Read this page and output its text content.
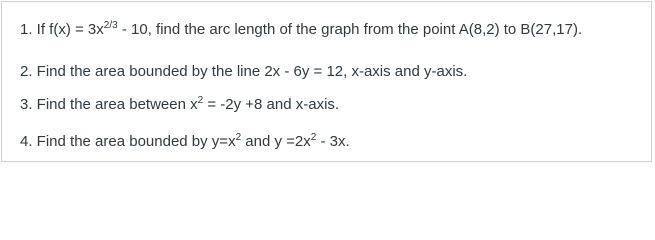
1. If $f(x) = 3x^{2/3} - 10$, find the arc length of the graph from the point A(8,2) to B(27,17).

2. Find the area bounded by the line 2x - 6y = 12, x-axis and y-axis.

3. Find the area between $x^2 = -2y +8$ and x-axis.

4. Find the area bounded by $y=x^2$ and $y =2x^2 - 3x$.
